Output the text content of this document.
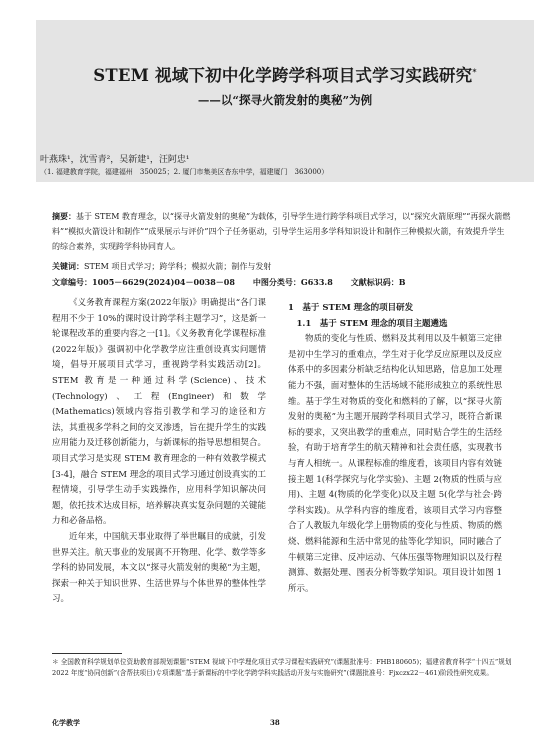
STEM 视域下初中化学跨学科项目式学习实践研究*
——以“探寻火箭发射的奥秘”为例
叶燕珠¹，沈雪青²，吴新建¹，汪阿忠¹
（1. 福建教育学院，福建福州　350025；2. 厦门市集美区杏东中学，福建厦门　363000）
摘要：基于 STEM 教育理念，以“探寻火箭发射的奥秘”为载体，引导学生进行跨学科项目式学习，以“探究火箭原理”“再探火箭燃料”“模拟火箭设计和制作”“成果展示与评价”四个子任务驱动，引导学生运用多学科知识设计和制作三种模拟火箭，有效提升学生的综合素养，实现跨学科协同育人。
关键词：STEM 项目式学习；跨学科；模拟火箭；制作与发射
文章编号：1005－6629(2024)04－0038－08 中图分类号：G633.8 文献标识码：B

《义务教育课程方案(2022年版)》明确提出“各门课程用不少于 10%的课时设计跨学科主题学习”，这是新一轮课程改革的重要内容之一[1]。《义务教育化学课程标准(2022年版)》强调初中化学教学应注重创设真实问题情境，倡导开展项目式学习，重视跨学科实践活动[2]。STEM 教育是一种通过科学(Science)、技术(Technology)、工程(Engineer)和数学(Mathematics)领域内容指引教学和学习的途径和方法，其重视多学科之间的交叉渗透，旨在提升学生的实践应用能力及迁移创新能力，与新课标的指导思想相契合。项目式学习是实现 STEM 教育理念的一种有效教学模式[3-4]，融合 STEM 理念的项目式学习通过创设真实的工程情境，引导学生动手实践操作，应用科学知识解决问题，依托技术达成目标，培养解决真实复杂问题的关键能力和必备品格。

近年来，中国航天事业取得了举世瞩目的成就，引发世界关注。航天事业的发展离不开物理、化学、数学等多学科的协同发展，本文以“探寻火箭发射的奥秘”为主题，探索一种关于知识世界、生活世界与个体世界的整体性学习。

1　基于 STEM 理念的项目研发

1.1　基于 STEM 理念的项目主题遴选

物质的变化与性质、燃料及其利用以及牛顿第三定律是初中生学习的重难点，学生对于化学反应原理以及反应体系中的多因素分析缺乏结构化认知思路，信息加工处理能力不强，面对整体的生活场域不能形成独立的系统性思维。基于学生对物质的变化和燃料的了解，以“探寻火箭发射的奥秘”为主题开展跨学科项目式学习，既符合新课标的要求，又突出教学的重难点，同时贴合学生的生活经验，有助于培育学生的航天精神和社会责任感，实现教书与育人相统一。从课程标准的维度看，该项目内容有效链接主题 1(科学探究与化学实验)、主题 2(物质的性质与应用)、主题 4(物质的化学变化)以及主题 5(化学与社会·跨学科实践)。从学科内容的维度看，该项目式学习内容整合了人教版九年级化学上册物质的变化与性质、物质的燃烧、燃料能源和生活中常见的盐等化学知识，同时融合了牛顿第三定律、反冲运动、气体压强等物理知识以及行程测算、数据处理、图表分析等数学知识。项目设计如图 1 所示。

＊ 全国教育科学规划单位资助教育部规划课题“STEM 视域下中学理化项目式学习课程实践研究”(课题批准号：FHB180605)；福建省教育科学“十四五”规划 2022 年度“协同创新”(含帮扶项目)专项课题“基于新课标的中学化学跨学科实践活动开发与实施研究”(课题批准号：Fjxczx22－461)阶段性研究成果。
化学教学	38
